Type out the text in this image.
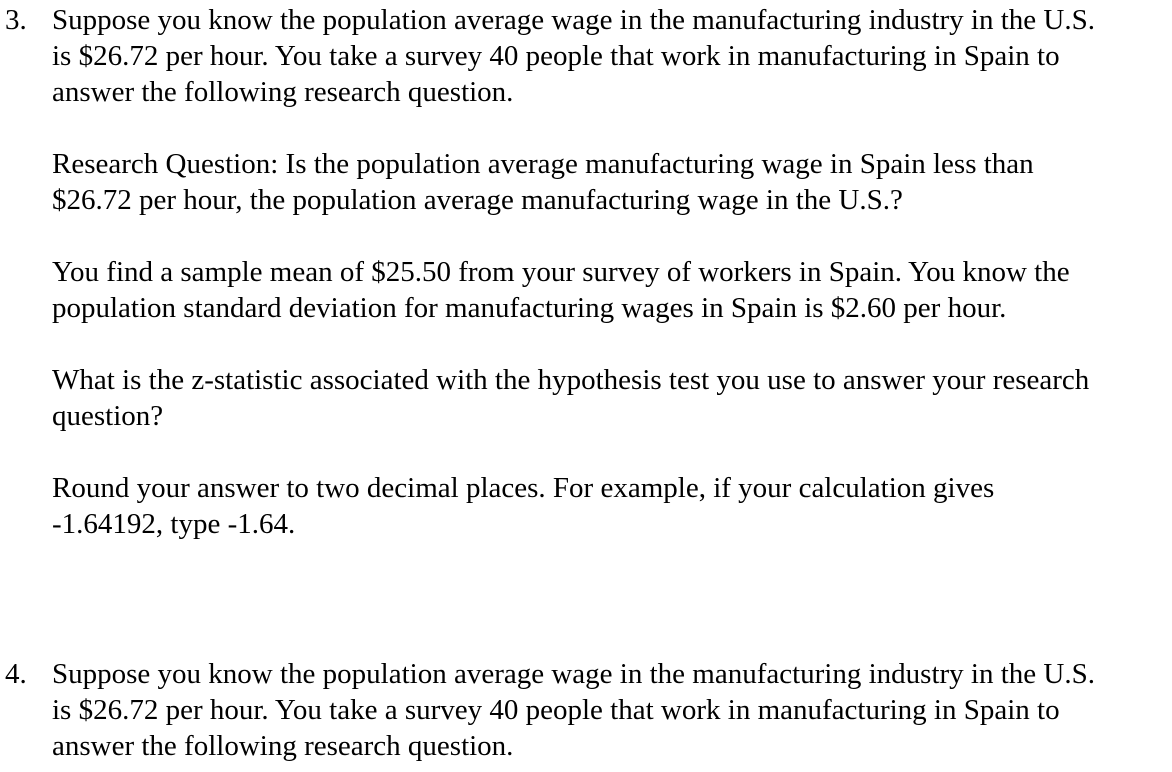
3. Suppose you know the population average wage in the manufacturing industry in the U.S.
is $26.72 per hour. You take a survey 40 people that work in manufacturing in Spain to
answer the following research question.
Research Question: Is the population average manufacturing wage in Spain less than
$26.72 per hour, the population average manufacturing wage in the U.S.?
You find a sample mean of $25.50 from your survey of workers in Spain. You know the
population standard deviation for manufacturing wages in Spain is $2.60 per hour.
What is the z-statistic associated with the hypothesis test you use to answer your research
question?
Round your answer to two decimal places. For example, if your calculation gives
-1.64192, type -1.64.
4. Suppose you know the population average wage in the manufacturing industry in the U.S.
is $26.72 per hour. You take a survey 40 people that work in manufacturing in Spain to
answer the following research question.
